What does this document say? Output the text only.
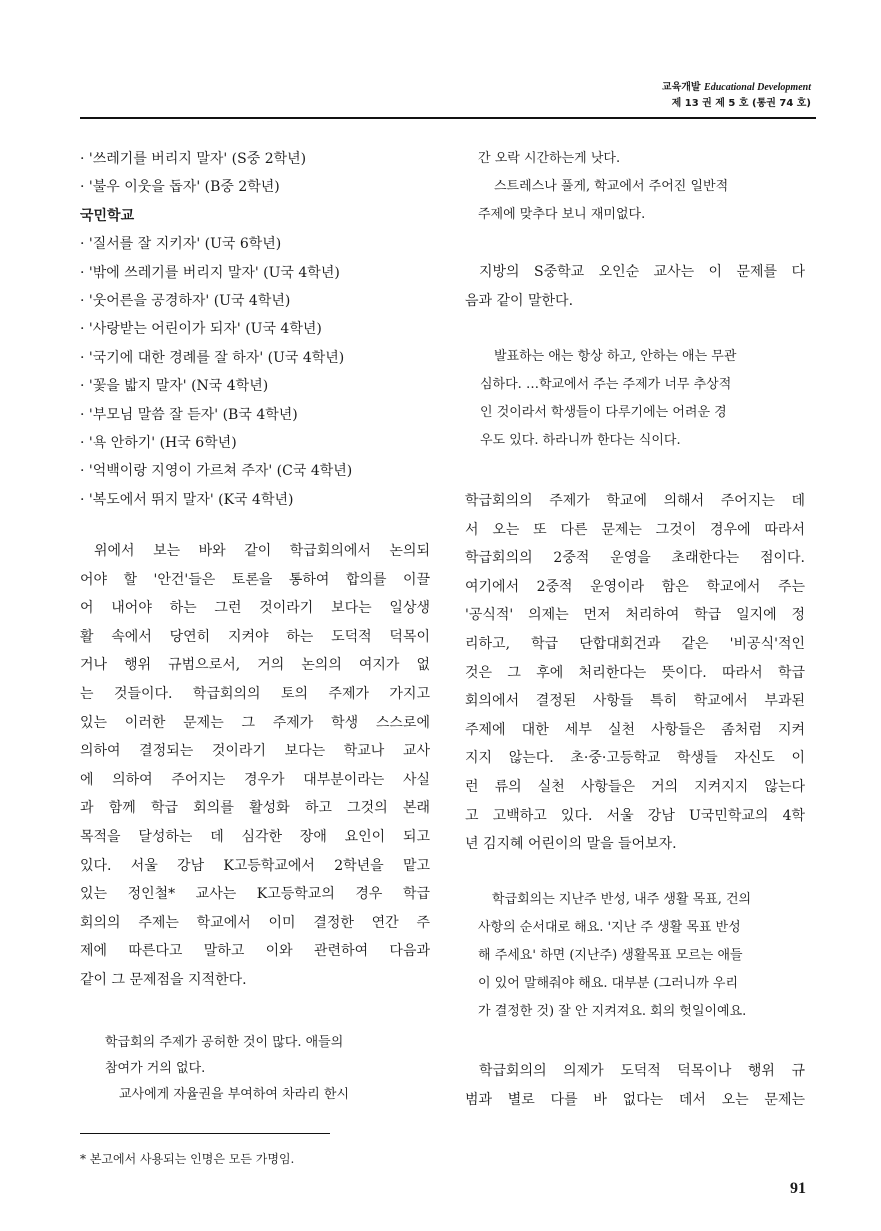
교육개발 Educational Development
제 13 권 제 5 호 (통권 74 호)
· '쓰레기를 버리지 말자' (S중 2학년)
· '불우 이웃을 돕자' (B중 2학년)
국민학교
· '질서를 잘 지키자' (U국 6학년)
· '밖에 쓰레기를 버리지 말자' (U국 4학년)
· '웃어른을 공경하자' (U국 4학년)
· '사랑받는 어린이가 되자' (U국 4학년)
· '국기에 대한 경례를 잘 하자' (U국 4학년)
· '꽃을 밟지 말자' (N국 4학년)
· '부모님 말씀 잘 듣자' (B국 4학년)
· '욕 안하기' (H국 6학년)
· '억백이랑 지영이 가르쳐 주자' (C국 4학년)
· '복도에서 뛰지 말자' (K국 4학년)
위에서 보는 바와 같이 학급회의에서 논의되
어야 할 '안건'들은 토론을 통하여 합의를 이끌
어 내어야 하는 그런 것이라기 보다는 일상생
활 속에서 당연히 지켜야 하는 도덕적 덕목이
거나 행위 규범으로서, 거의 논의의 여지가 없
는 것들이다. 학급회의의 토의 주제가 가지고
있는 이러한 문제는 그 주제가 학생 스스로에
의하여 결정되는 것이라기 보다는 학교나 교사
에 의하여 주어지는 경우가 대부분이라는 사실
과 함께 학급 회의를 활성화 하고 그것의 본래
목적을 달성하는 데 심각한 장애 요인이 되고
있다. 서울 강남 K고등학교에서 2학년을 맡고
있는 정인철* 교사는 K고등학교의 경우 학급
회의의 주제는 학교에서 이미 결정한 연간 주
제에 따른다고 말하고 이와 관련하여 다음과
같이 그 문제점을 지적한다.
학급회의 주제가 공허한 것이 많다. 애들의
참여가 거의 없다.
교사에게 자율권을 부여하여 차라리 한시
간 오락 시간하는게 낫다.
스트레스나 풀게, 학교에서 주어진 일반적
주제에 맞추다 보니 재미없다.
지방의 S중학교 오인순 교사는 이 문제를 다
음과 같이 말한다.
발표하는 애는 항상 하고, 안하는 애는 무관
심하다. …학교에서 주는 주제가 너무 추상적
인 것이라서 학생들이 다루기에는 어려운 경
우도 있다. 하라니까 한다는 식이다.
학급회의의 주제가 학교에 의해서 주어지는 데
서 오는 또 다른 문제는 그것이 경우에 따라서
학급회의의 2중적 운영을 초래한다는 점이다.
여기에서 2중적 운영이라 함은 학교에서 주는
'공식적' 의제는 먼저 처리하여 학급 일지에 정
리하고, 학급 단합대회건과 같은 '비공식'적인
것은 그 후에 처리한다는 뜻이다. 따라서 학급
회의에서 결정된 사항들 특히 학교에서 부과된
주제에 대한 세부 실천 사항들은 좀처럼 지켜
지지 않는다. 초·중·고등학교 학생들 자신도 이
런 류의 실천 사항들은 거의 지켜지지 않는다
고 고백하고 있다. 서울 강남 U국민학교의 4학
년 김지혜 어린이의 말을 들어보자.
학급회의는 지난주 반성, 내주 생활 목표, 건의
사항의 순서대로 해요. '지난 주 생활 목표 반성
해 주세요' 하면 (지난주) 생활목표 모르는 애들
이 있어 말해줘야 해요. 대부분 (그러니까 우리
가 결정한 것) 잘 안 지켜져요. 회의 헛일이예요.
학급회의의 의제가 도덕적 덕목이나 행위 규
범과 별로 다를 바 없다는 데서 오는 문제는
* 본고에서 사용되는 인명은 모든 가명임.
91
